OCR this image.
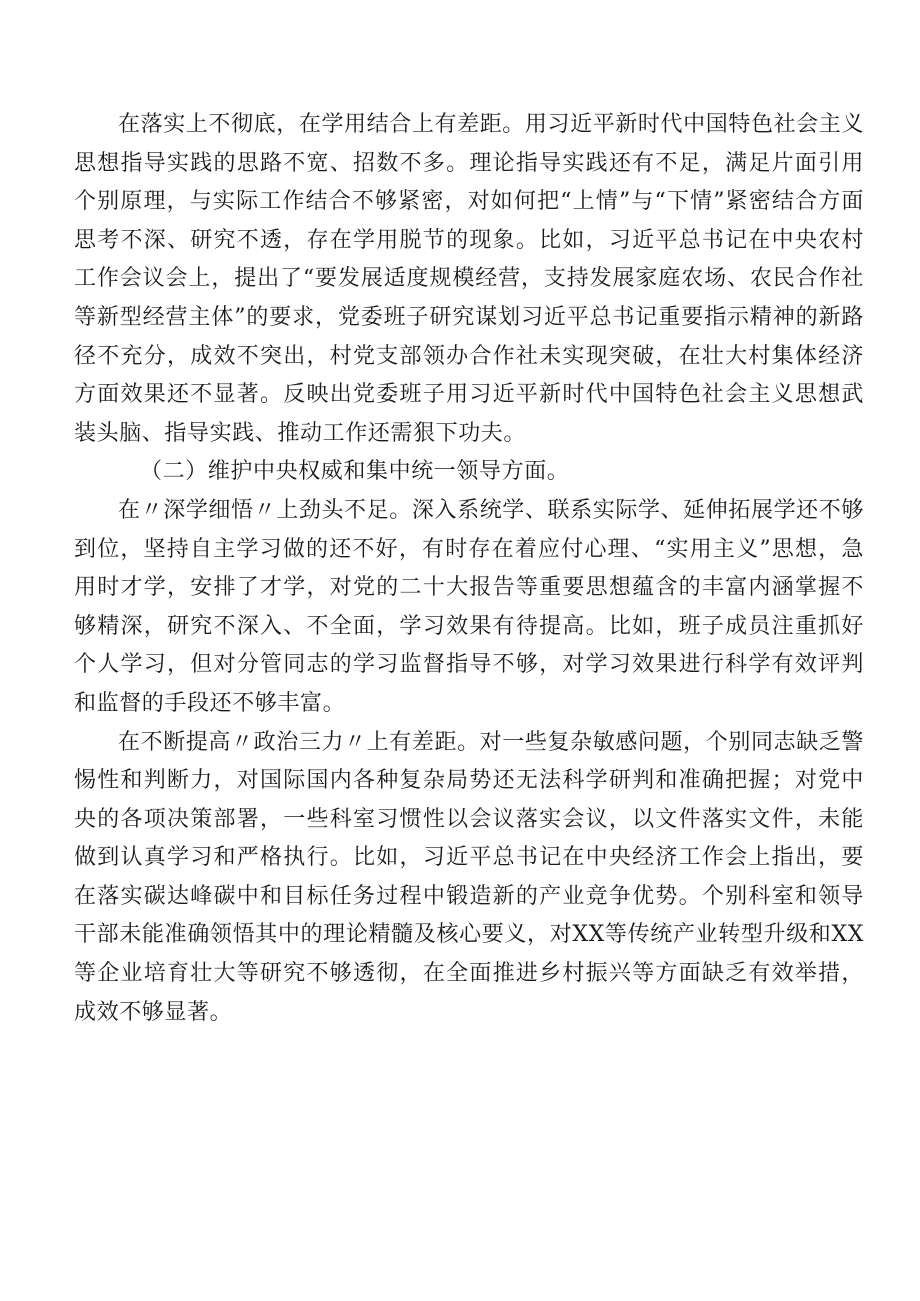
在落实上不彻底，在学用结合上有差距。用习近平新时代中国特色社会主义思想指导实践的思路不宽、招数不多。理论指导实践还有不足，满足片面引用个别原理，与实际工作结合不够紧密，对如何把“上情”与“下情”紧密结合方面思考不深、研究不透，存在学用脱节的现象。比如，习近平总书记在中央农村工作会议会上，提出了“要发展适度规模经营，支持发展家庭农场、农民合作社等新型经营主体”的要求，党委班子研究谋划习近平总书记重要指示精神的新路径不充分，成效不突出，村党支部领办合作社未实现突破，在壮大村集体经济方面效果还不显著。反映出党委班子用习近平新时代中国特色社会主义思想武装头脑、指导实践、推动工作还需狠下功夫。

（二）维护中央权威和集中统一领导方面。

在〃深学细悟〃上劲头不足。深入系统学、联系实际学、延伸拓展学还不够到位，坚持自主学习做的还不好，有时存在着应付心理、“实用主义”思想，急用时才学，安排了才学，对党的二十大报告等重要思想蕴含的丰富内涵掌握不够精深，研究不深入、不全面，学习效果有待提高。比如，班子成员注重抓好个人学习，但对分管同志的学习监督指导不够，对学习效果进行科学有效评判和监督的手段还不够丰富。

在不断提高〃政治三力〃上有差距。对一些复杂敏感问题，个别同志缺乏警惕性和判断力，对国际国内各种复杂局势还无法科学研判和准确把握；对党中央的各项决策部署，一些科室习惯性以会议落实会议，以文件落实文件，未能做到认真学习和严格执行。比如，习近平总书记在中央经济工作会上指出，要在落实碳达峰碳中和目标任务过程中锻造新的产业竞争优势。个别科室和领导干部未能准确领悟其中的理论精髓及核心要义，对XX等传统产业转型升级和XX等企业培育壮大等研究不够透彻，在全面推进乡村振兴等方面缺乏有效举措，成效不够显著。
